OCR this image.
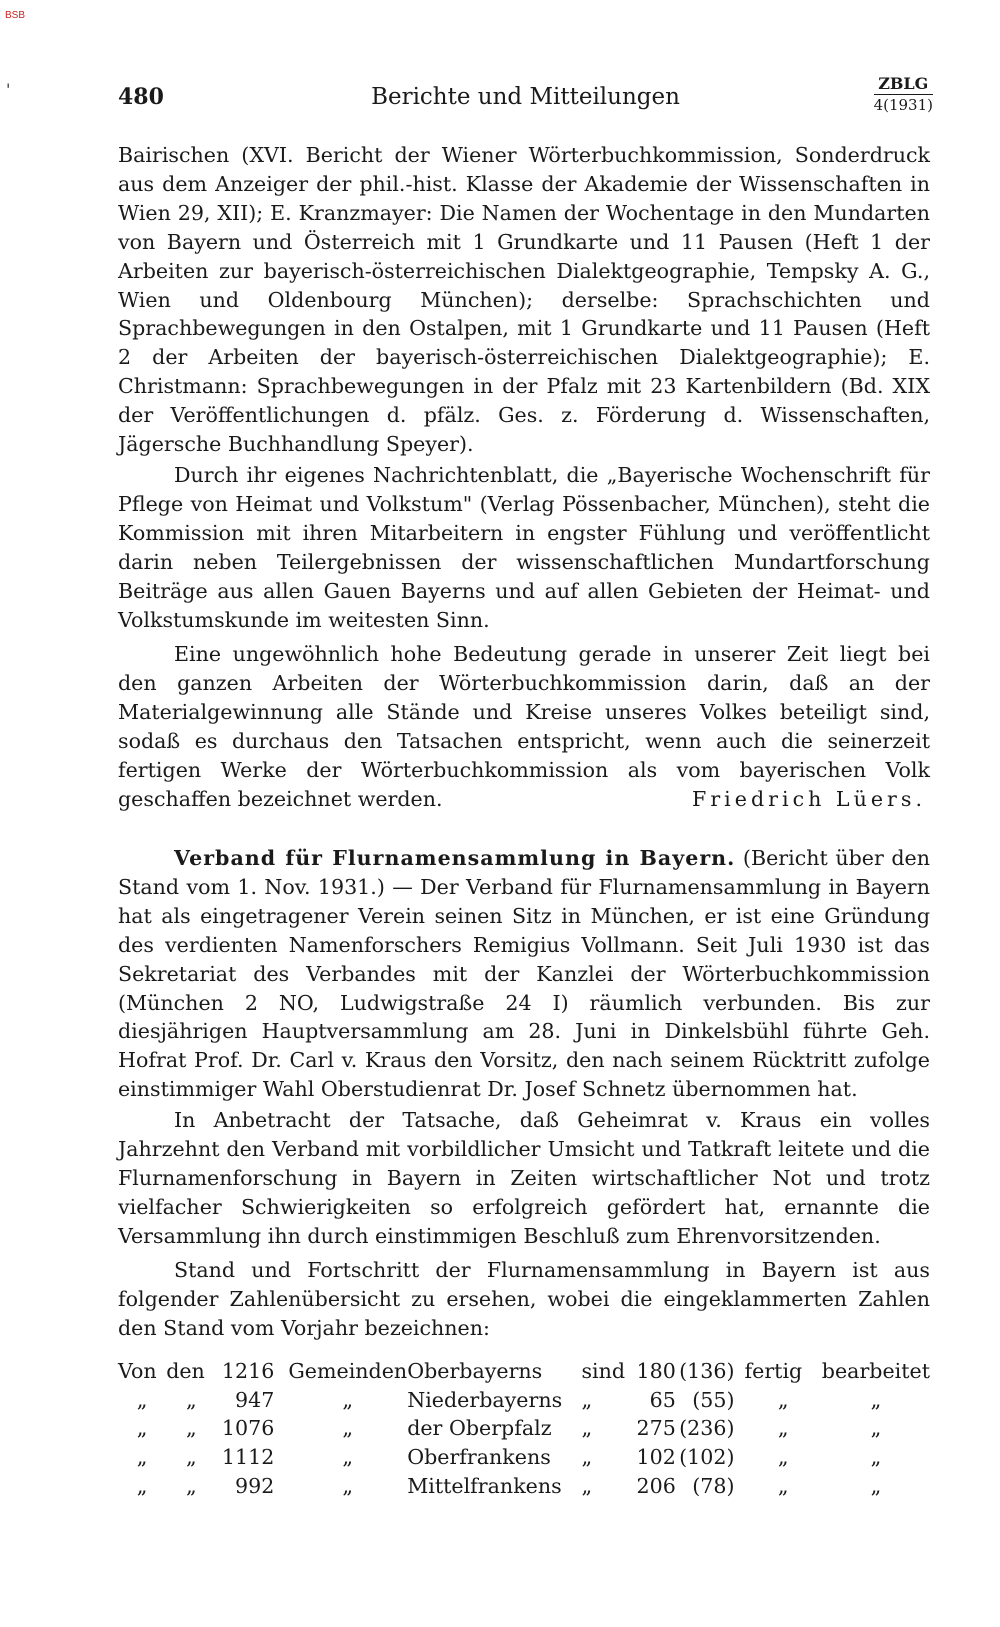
BSB
'	480	Berichte und Mitteilungen
ZBLG
4(1931)

Bairischen (XVI. Bericht der Wiener Wörterbuchkommission, Sonderdruck aus dem Anzeiger der phil.-hist. Klasse der Akademie der Wissenschaften in Wien 29, XII); E. Kranzmayer: Die Namen der Wochentage in den Mundarten von Bayern und Österreich mit 1 Grundkarte und 11 Pausen (Heft 1 der Arbeiten zur bayerisch-österreichischen Dialektgeographie, Tempsky A. G., Wien und Oldenbourg München); derselbe: Sprachschichten und Sprachbewegungen in den Ostalpen, mit 1 Grundkarte und 11 Pausen (Heft 2 der Arbeiten der bayerisch-österreichischen Dialektgeographie); E. Christmann: Sprachbewegungen in der Pfalz mit 23 Kartenbildern (Bd. XIX der Veröffentlichungen d. pfälz. Ges. z. Förderung d. Wissenschaften, Jägersche Buchhandlung Speyer).

Durch ihr eigenes Nachrichtenblatt, die „Bayerische Wochenschrift für Pflege von Heimat und Volkstum" (Verlag Pössenbacher, München), steht die Kommission mit ihren Mitarbeitern in engster Fühlung und veröffentlicht darin neben Teilergebnissen der wissenschaftlichen Mundartforschung Beiträge aus allen Gauen Bayerns und auf allen Gebieten der Heimat- und Volkstumskunde im weitesten Sinn.

Eine ungewöhnlich hohe Bedeutung gerade in unserer Zeit liegt bei den ganzen Arbeiten der Wörterbuchkommission darin, daß an der Materialgewinnung alle Stände und Kreise unseres Volkes beteiligt sind, sodaß es durchaus den Tatsachen entspricht, wenn auch die seinerzeit fertigen Werke der Wörterbuchkommission als vom bayerischen Volk geschaffen bezeichnet werden.	Friedrich Lüers.

Verband für Flurnamensammlung in Bayern. (Bericht über den Stand vom 1. Nov. 1931.) — Der Verband für Flurnamensammlung in Bayern hat als eingetragener Verein seinen Sitz in München, er ist eine Gründung des verdienten Namenforschers Remigius Vollmann. Seit Juli 1930 ist das Sekretariat des Verbandes mit der Kanzlei der Wörterbuchkommission (München 2 NO, Ludwigstraße 24 I) räumlich verbunden. Bis zur diesjährigen Hauptversammlung am 28. Juni in Dinkelsbühl führte Geh. Hofrat Prof. Dr. Carl v. Kraus den Vorsitz, den nach seinem Rücktritt zufolge einstimmiger Wahl Oberstudienrat Dr. Josef Schnetz übernommen hat.

In Anbetracht der Tatsache, daß Geheimrat v. Kraus ein volles Jahrzehnt den Verband mit vorbildlicher Umsicht und Tatkraft leitete und die Flurnamenforschung in Bayern in Zeiten wirtschaftlicher Not und trotz vielfacher Schwierigkeiten so erfolgreich gefördert hat, ernannte die Versammlung ihn durch einstimmigen Beschluß zum Ehrenvorsitzenden.

Stand und Fortschritt der Flurnamensammlung in Bayern ist aus folgender Zahlenübersicht zu ersehen, wobei die eingeklammerten Zahlen den Stand vom Vorjahr bezeichnen:

Von	den	1216	Gemeinden	Oberbayerns	sind	180	(136)	fertig	bearbeitet
„	„	947	„	Niederbayerns	„	65	(55)	„	„
„	„	1076	„	der Oberpfalz	„	275	(236)	„	„
„	„	1112	„	Oberfrankens	„	102	(102)	„	„
„	„	992	„	Mittelfrankens	„	206	(78)	„	„
